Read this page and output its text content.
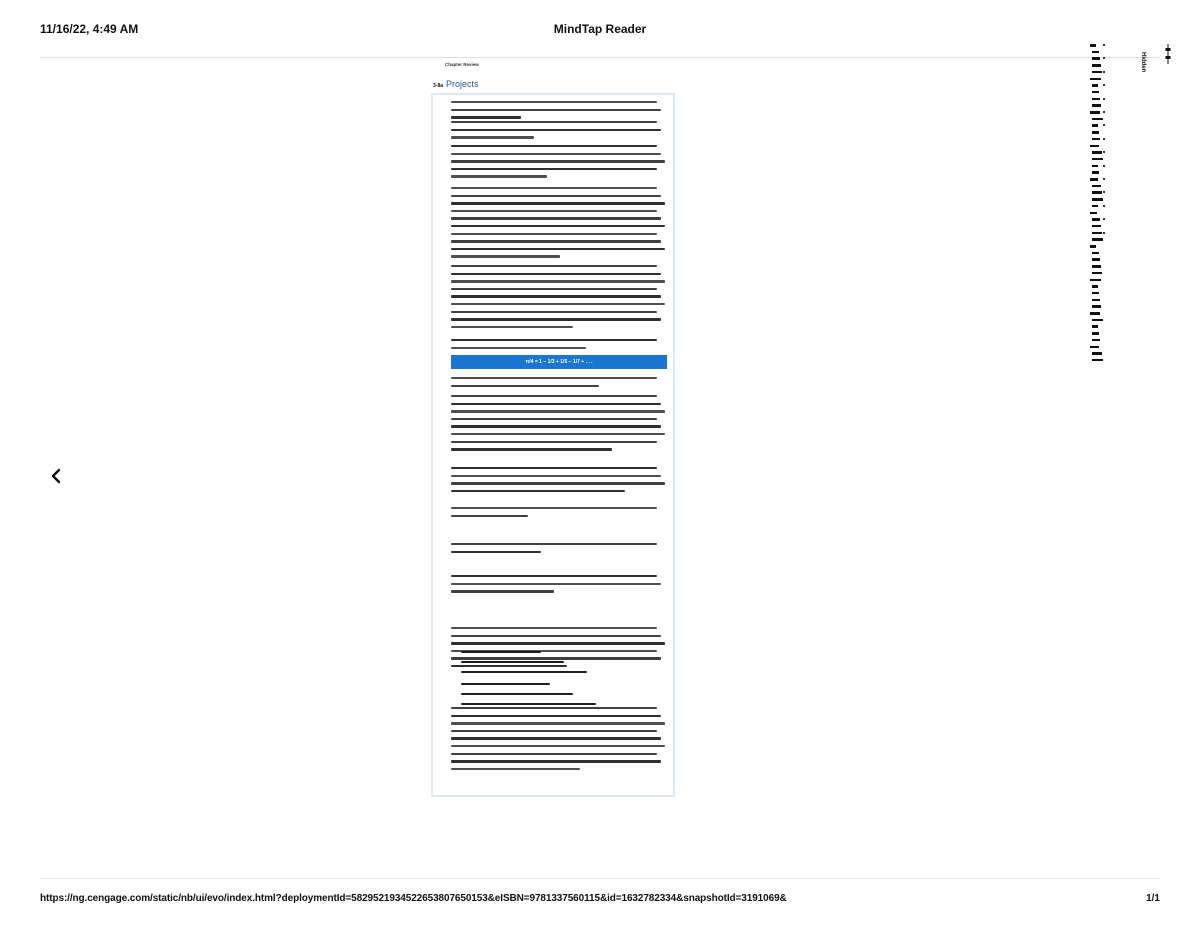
11/16/22, 4:49 AM	MindTap Reader
Chapter Review
3-8a Projects
π/4 = 1 − 1/3 + 1/5 − 1/7 + . . .
Hidden
https://ng.cengage.com/static/nb/ui/evo/index.html?deploymentId=5829521934522653807650153&eISBN=9781337560115&id=1632782334&snapshotId=3191069&	1/1
